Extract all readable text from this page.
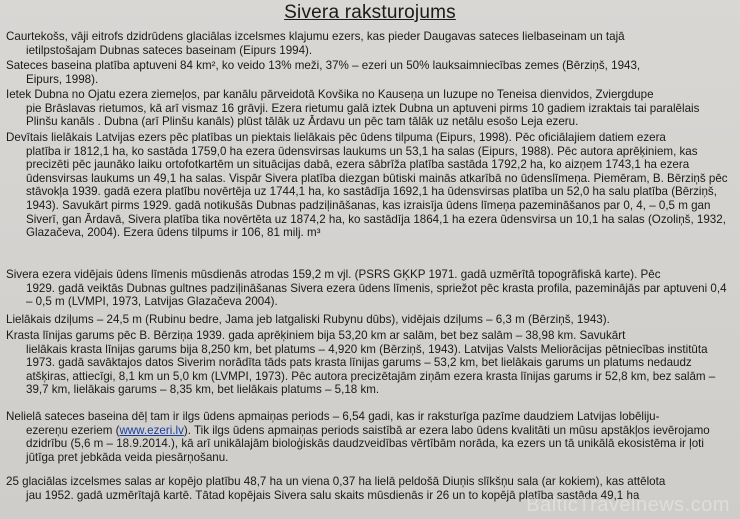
Sivera raksturojums
Caurtekošs, vāji eitrofs dzidrūdens glaciālas izcelsmes klajumu ezers, kas pieder Daugavas sateces lielbaseinam un tajā
ietilpstošajam Dubnas sateces baseinam (Eipurs 1994).
Sateces baseina platība aptuveni 84 km², ko veido 13% meži, 37% – ezeri un 50% lauksaimniecības zemes (Bērziņš, 1943,
Eipurs, 1998).
Ietek Dubna no Ojatu ezera ziemeļos, par kanālu pārveidotā Kovšika no Kauseņa un Iuzupe no Teneisa dienvidos, Zviergdupe
pie Brāslavas rietumos, kā arī vismaz 16 grāvji. Ezera rietumu galā iztek Dubna un aptuveni pirms 10 gadiem izraktais tai paralēlais Plinšu kanāls . Dubna (arī Plinšu kanāls) plūst tālāk uz Ārdavu un pēc tam tālāk uz netālu esošo Leja ezeru.
Devītais lielākais Latvijas ezers pēc platības un piektais lielākais pēc ūdens tilpuma (Eipurs, 1998). Pēc oficiālajiem datiem ezera
platība ir 1812,1 ha, ko sastāda 1759,0 ha ezera ūdensvirsas laukums un 53,1 ha salas (Eipurs, 1988). Pēc autora aprēķiniem, kas precizēti pēc jaunāko laiku ortofotkartēm un situācijas dabā, ezera sābrīža platība sastāda 1792,2 ha, ko aizņem 1743,1 ha ezera ūdensvirsas laukums un 49,1 ha salas. Vispār Sivera platība diezgan būtiski mainās atkarībā no ūdenslīmeņa. Piemēram, B. Bērziņš pēc stāvokļa 1939. gadā ezera platību novērtēja uz 1744,1 ha, ko sastādīja 1692,1 ha ūdensvirsas platība un 52,0 ha salu platība (Bērziņš, 1943). Savukārt pirms 1929. gadā notikušās Dubnas padziļināšanas, kas izraisīja ūdens līmeņa pazemināšanos par 0, 4, – 0,5 m gan Siverī, gan Ārdavā, Sivera platība tika novērtēta uz 1874,2 ha, ko sastādīja 1864,1 ha ezera ūdensvirsa un 10,1 ha salas (Ozoliņš, 1932, Glazačeva, 2004). Ezera ūdens tilpums ir 106, 81 milj. m³
Sivera ezera vidējais ūdens līmenis mūsdienās atrodas 159,2 m vjl. (PSRS GĶKP 1971. gadā uzmērītā topogrāfiskā karte). Pēc
1929. gadā veiktās Dubnas gultnes padziļināšanas Sivera ezera ūdens līmenis, spriežot pēc krasta profila, pazeminājās par aptuveni 0,4 – 0,5 m (LVMPI, 1973, Latvijas Glazačeva 2004).
Lielākais dziļums – 24,5 m (Rubinu bedre, Jama jeb latgaliski Rubynu dūbs), vidējais dziļums – 6,3 m (Bērziņš, 1943).
Krasta līnijas garums pēc B. Bērziņa 1939. gada aprēķiniem bija 53,20 km ar salām, bet bez salām – 38,98 km. Savukārt
lielākais krasta līnijas garums bija 8,250 km, bet platums – 4,920 km (Bērziņš, 1943). Latvijas Valsts Meliorācijas pētniecības institūta 1973. gadā savāktajos datos Siverim norādīta tāds pats krasta līnijas garums – 53,2 km, bet lielākais garums un platums nedaudz atšķiras, attiecīgi, 8,1 km un 5,0 km (LVMPI, 1973). Pēc autora precizētajām ziņām ezera krasta līnijas garums ir 52,8 km, bez salām – 39,7 km, lielākais garums – 8,35 km, bet lielākais platums – 5,18 km.
Nelielā sateces baseina dēļ tam ir ilgs ūdens apmaiņas periods – 6,54 gadi, kas ir raksturīga pazīme daudziem Latvijas lobēliju-
ezereņu ezeriem (www.ezeri.lv). Tik ilgs ūdens apmaiņas periods saistībā ar ezera labo ūdens kvalitāti un mūsu apstākļos ievērojamo dzidrību (5,6 m – 18.9.2014.), kā arī unikālajām bioloģiskās daudzveidības vērtībām norāda, ka ezers un tā unikālā ekosistēma ir ļoti jūtīga pret jebkāda veida piesārņošanu.
25 glaciālas izcelsmes salas ar kopējo platību 48,7 ha un viena 0,37 ha lielā peldošā Diuņis slīkšņu sala (ar kokiem), kas attēlota
jau 1952. gadā uzmērītajā kartē. Tātad kopējais Sivera salu skaits mūsdienās ir 26 un to kopējā platība sastāda 49,1 ha
BalticTravelnews.com
